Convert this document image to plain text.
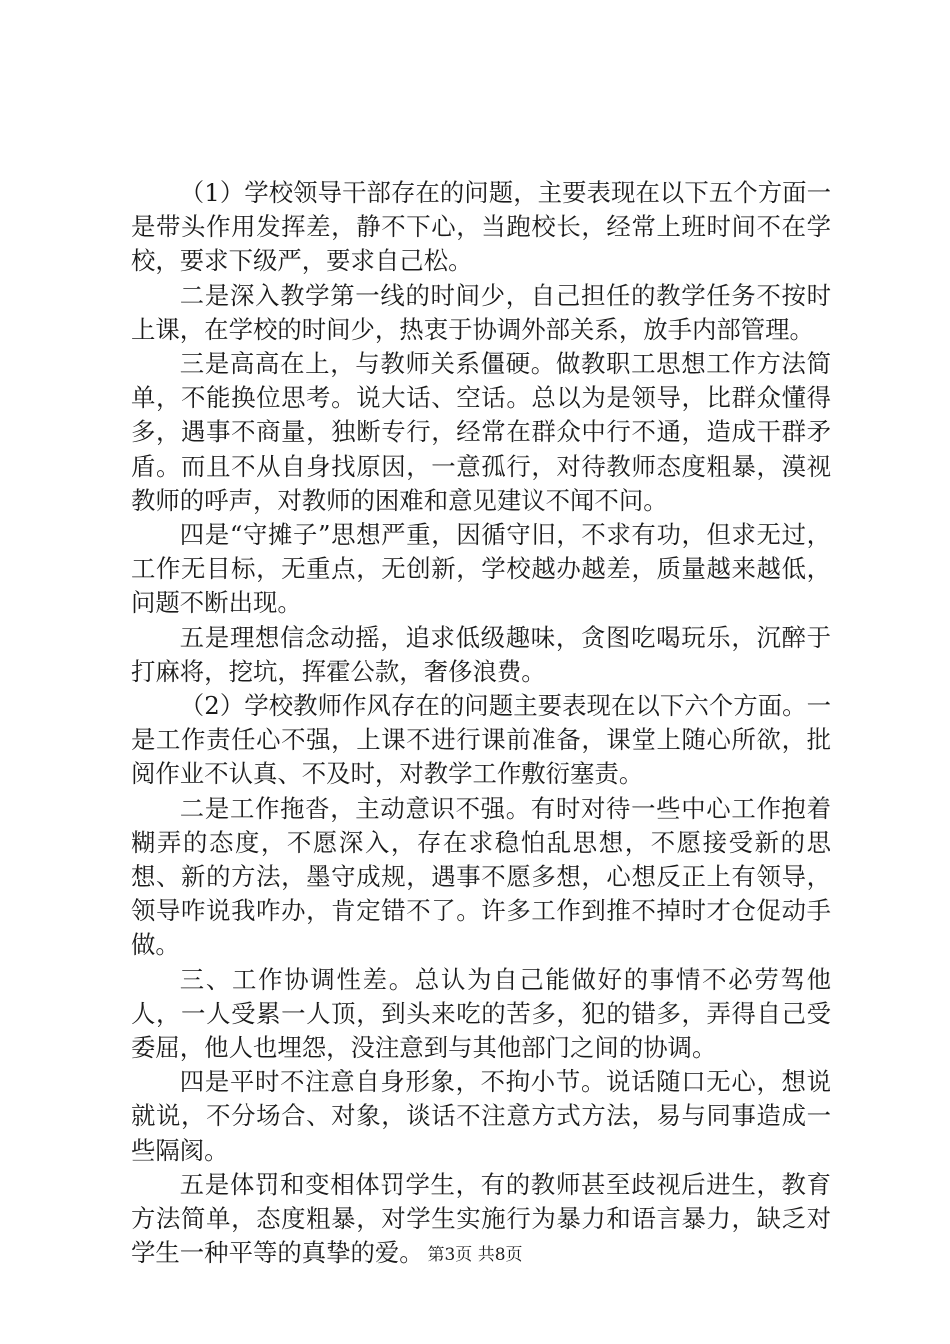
（1）学校领导干部存在的问题，主要表现在以下五个方面一是带头作用发挥差，静不下心，当跑校长，经常上班时间不在学校，要求下级严，要求自己松。

二是深入教学第一线的时间少，自己担任的教学任务不按时上课，在学校的时间少，热衷于协调外部关系，放手内部管理。

三是高高在上，与教师关系僵硬。做教职工思想工作方法简单，不能换位思考。说大话、空话。总以为是领导，比群众懂得多，遇事不商量，独断专行，经常在群众中行不通，造成干群矛盾。而且不从自身找原因，一意孤行，对待教师态度粗暴，漠视教师的呼声，对教师的困难和意见建议不闻不问。

四是“守摊子”思想严重，因循守旧，不求有功，但求无过，工作无目标，无重点，无创新，学校越办越差，质量越来越低，问题不断出现。

五是理想信念动摇，追求低级趣味，贪图吃喝玩乐，沉醉于打麻将，挖坑，挥霍公款，奢侈浪费。

（2）学校教师作风存在的问题主要表现在以下六个方面。一是工作责任心不强，上课不进行课前准备，课堂上随心所欲，批阅作业不认真、不及时，对教学工作敷衍塞责。

二是工作拖沓，主动意识不强。有时对待一些中心工作抱着糊弄的态度，不愿深入，存在求稳怕乱思想，不愿接受新的思想、新的方法，墨守成规，遇事不愿多想，心想反正上有领导，领导咋说我咋办，肯定错不了。许多工作到推不掉时才仓促动手做。

三、工作协调性差。总认为自己能做好的事情不必劳驾他人，一人受累一人顶，到头来吃的苦多，犯的错多，弄得自己受委屈，他人也埋怨，没注意到与其他部门之间的协调。

四是平时不注意自身形象，不拘小节。说话随口无心，想说就说，不分场合、对象，谈话不注意方式方法，易与同事造成一些隔阂。

五是体罚和变相体罚学生，有的教师甚至歧视后进生，教育方法简单，态度粗暴，对学生实施行为暴力和语言暴力，缺乏对学生一种平等的真挚的爱。 第3页 共8页
